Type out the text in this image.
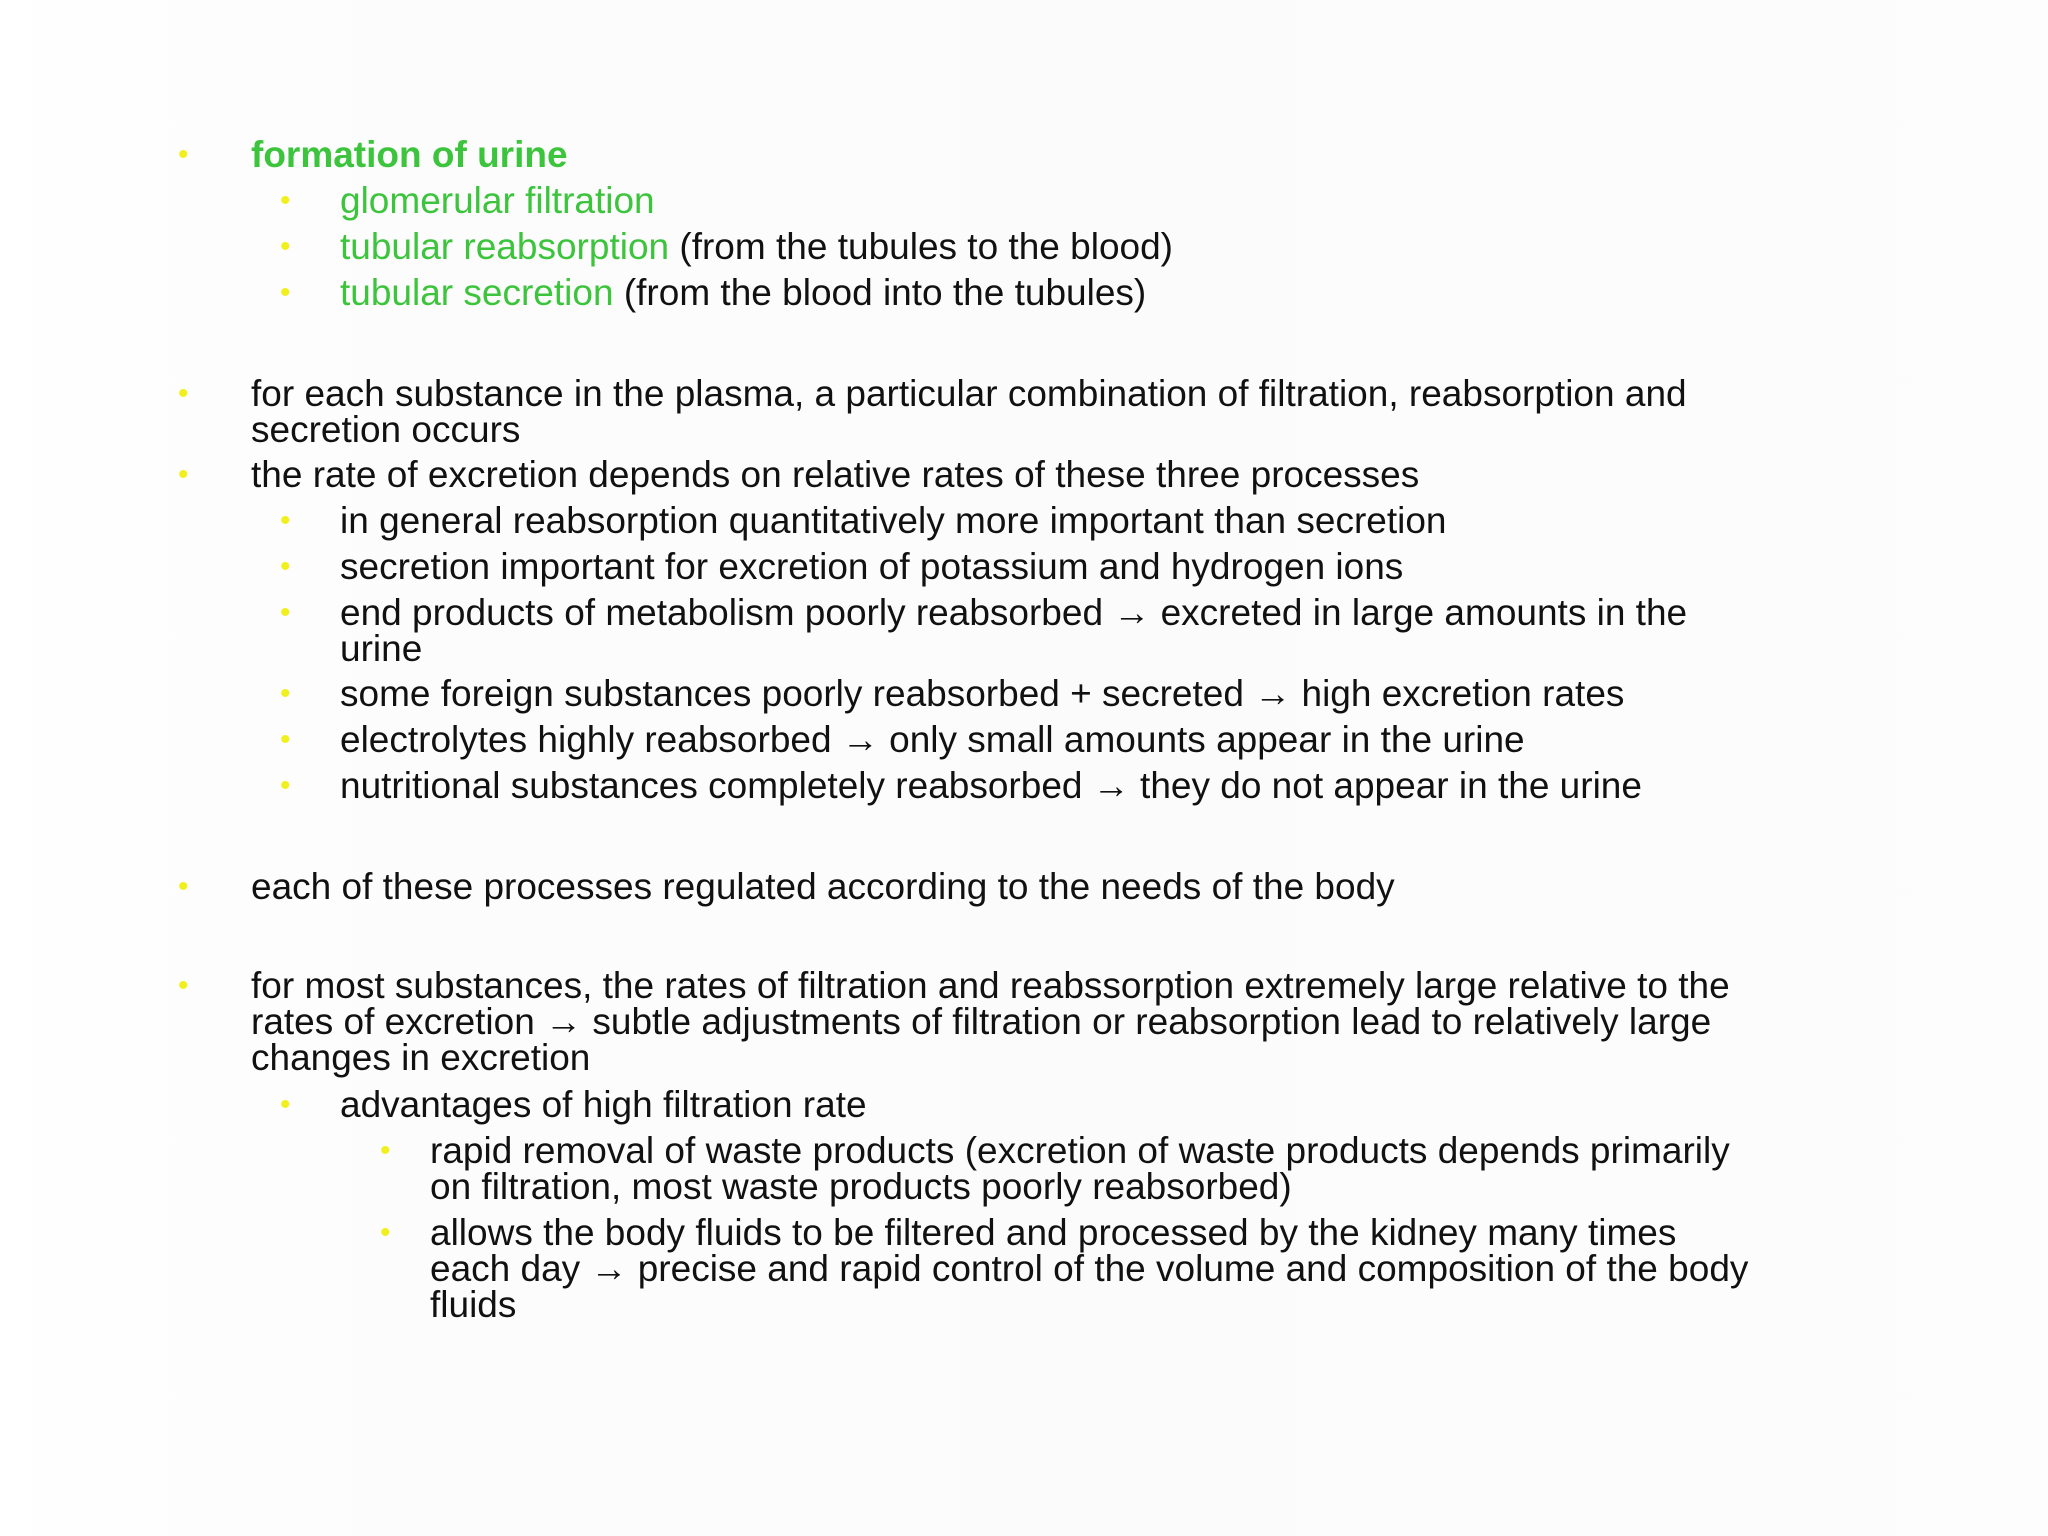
• formation of urine
• glomerular filtration
• tubular reabsorption (from the tubules to the blood)
• tubular secretion (from the blood into the tubules)
• for each substance in the plasma, a particular combination of filtration, reabsorption and
secretion occurs
• the rate of excretion depends on relative rates of these three processes
• in general reabsorption quantitatively more important than secretion
• secretion important for excretion of potassium and hydrogen ions
• end products of metabolism poorly reabsorbed → excreted in large amounts in the
urine
• some foreign substances poorly reabsorbed + secreted → high excretion rates
• electrolytes highly reabsorbed → only small amounts appear in the urine
• nutritional substances completely reabsorbed → they do not appear in the urine
• each of these processes regulated according to the needs of the body
• for most substances, the rates of filtration and reabssorption extremely large relative to the
rates of excretion → subtle adjustments of filtration or reabsorption lead to relatively large
changes in excretion
• advantages of high filtration rate
• rapid removal of waste products (excretion of waste products depends primarily
on filtration, most waste products poorly reabsorbed)
• allows the body fluids to be filtered and processed by the kidney many times
each day → precise and rapid control of the volume and composition of the body
fluids
